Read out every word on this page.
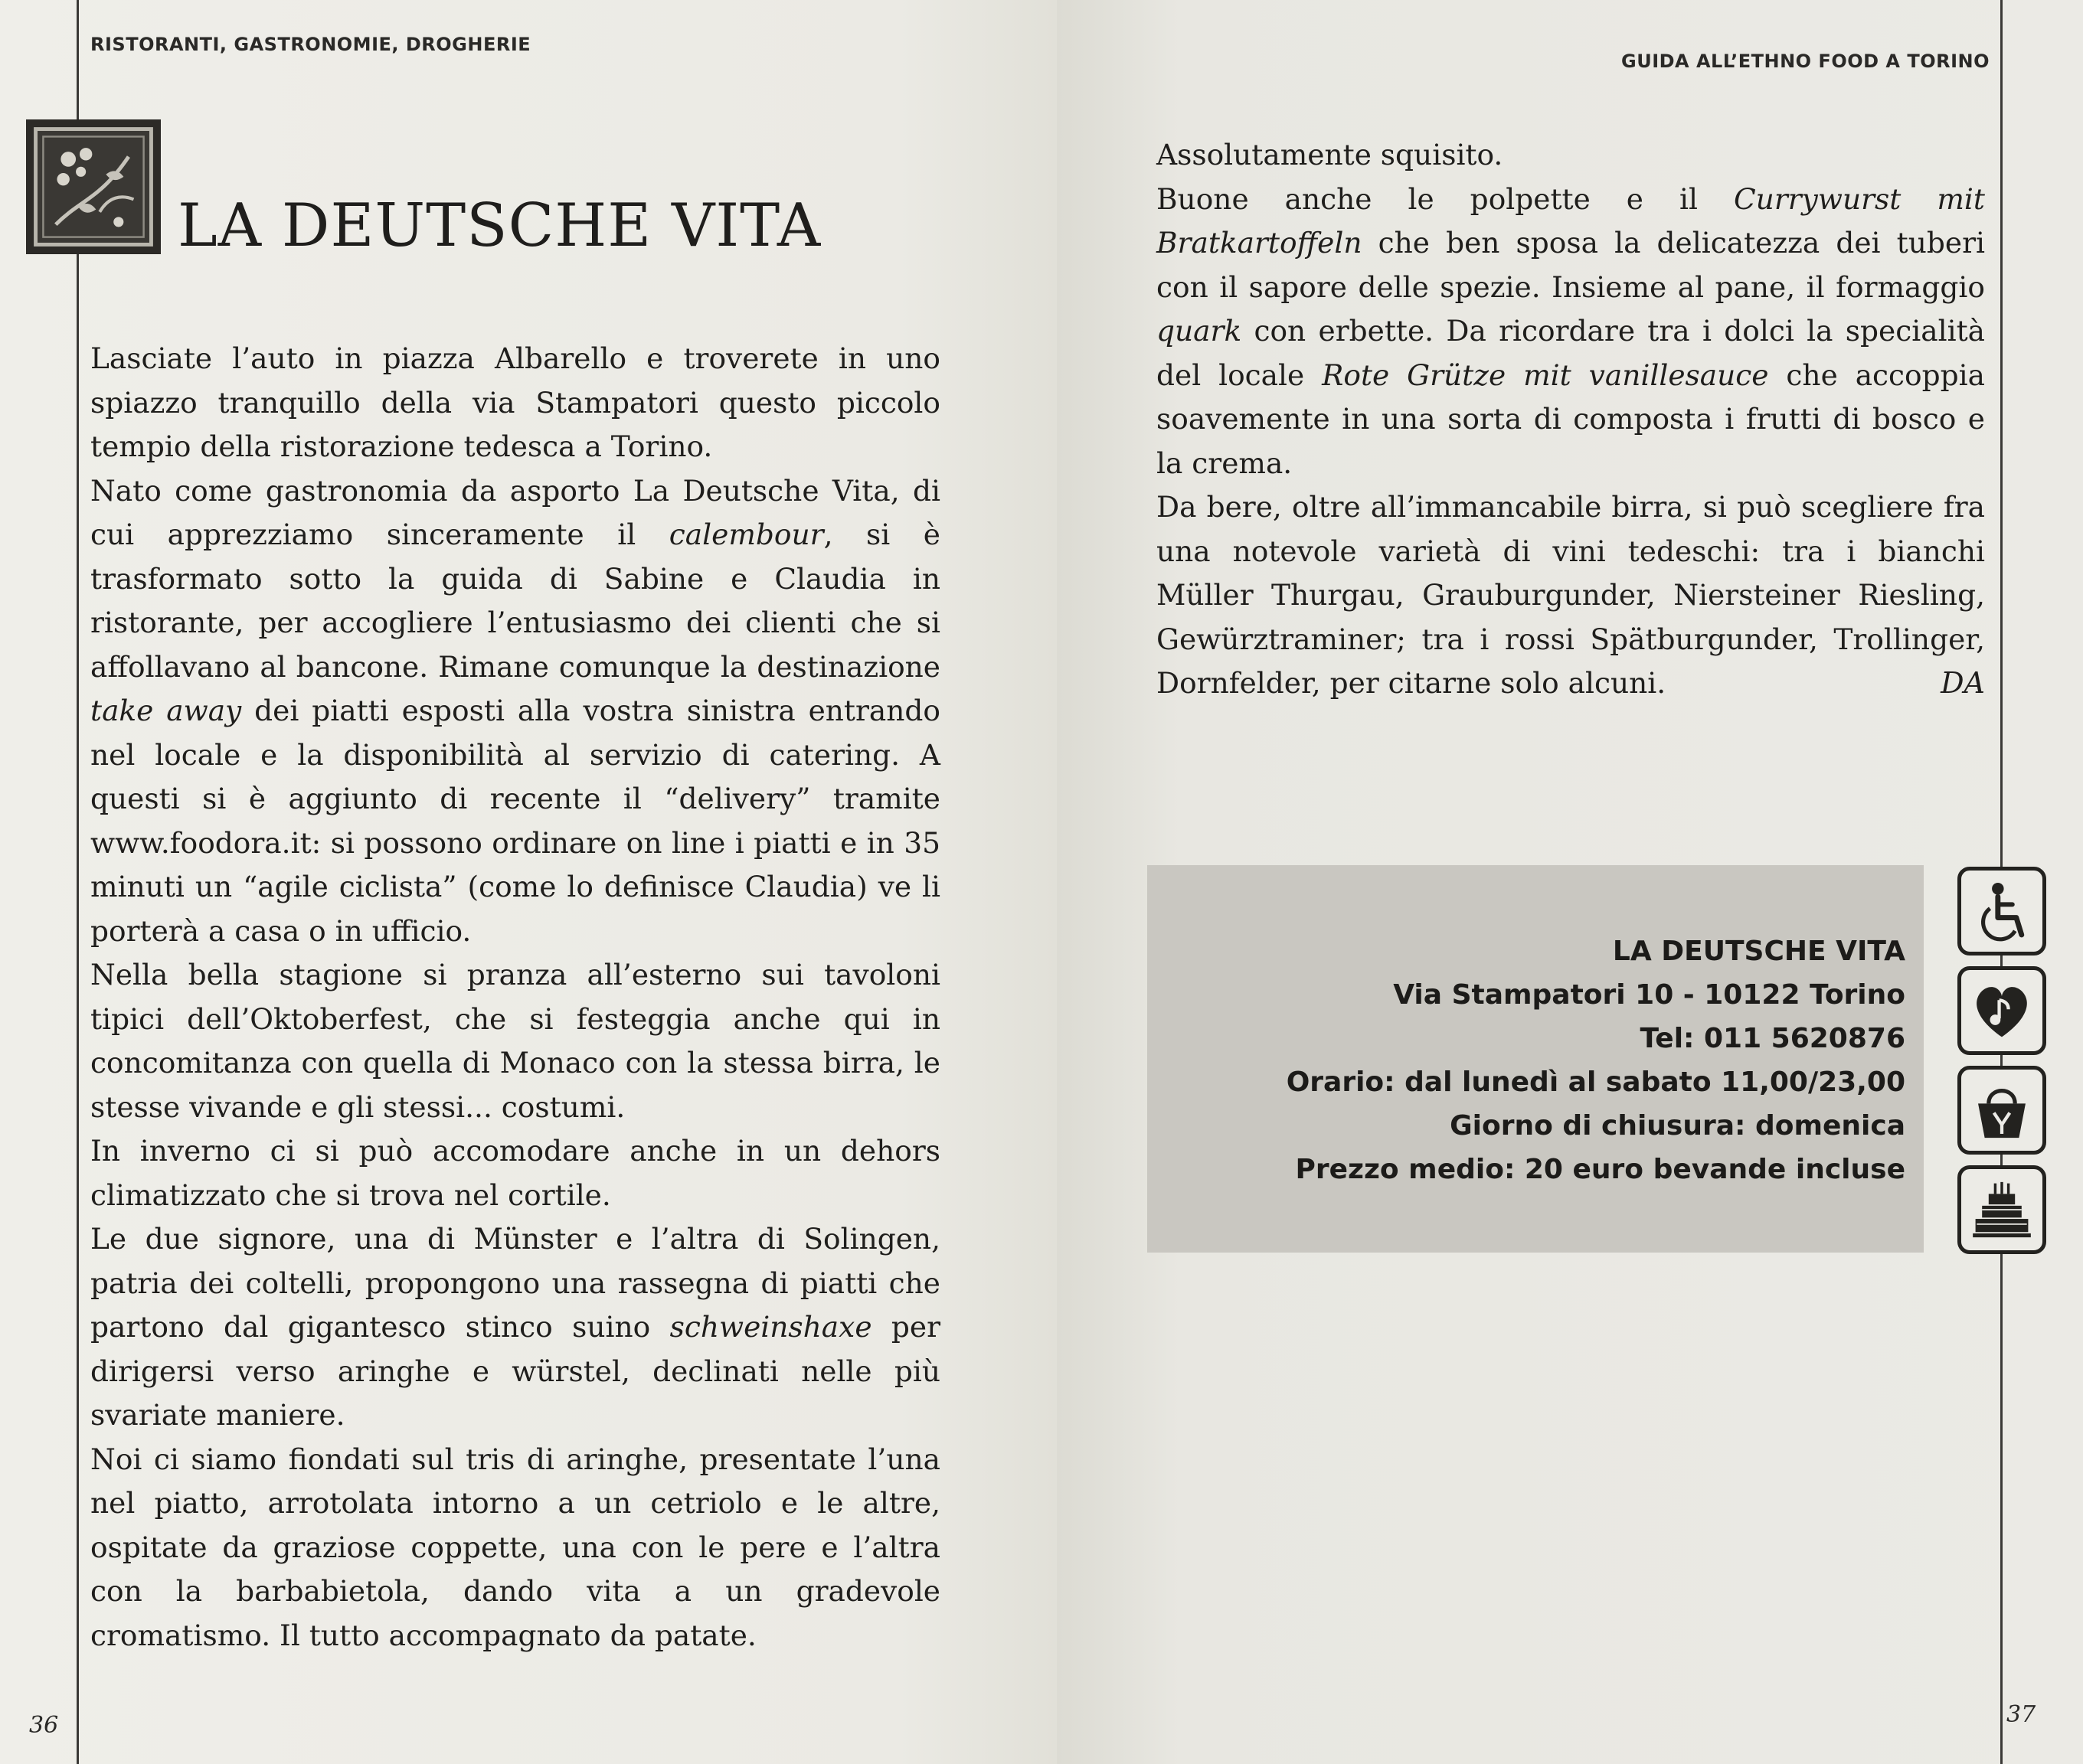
RISTORANTI, GASTRONOMIE, DROGHERIE
GUIDA ALL’ETHNO FOOD A TORINO
LA DEUTSCHE VITA

Lasciate l’auto in piazza Albarello e troverete in uno spiazzo tranquillo della via Stampatori questo piccolo tempio della ristorazione tedesca a Torino.

Nato come gastronomia da asporto La Deutsche Vita, di cui apprezziamo sinceramente il calembour, si è trasformato sotto la guida di Sabine e Claudia in ristorante, per accogliere l’entusiasmo dei clienti che si affollavano al bancone. Rimane comunque la destinazione take away dei piatti esposti alla vostra sinistra entrando nel locale e la disponibilità al servizio di catering. A questi si è aggiunto di recente il “delivery” tramite www.foodora.it: si possono ordinare on line i piatti e in 35 minuti un “agile ciclista” (come lo definisce Claudia) ve li porterà a casa o in ufficio.

Nella bella stagione si pranza all’esterno sui tavoloni tipici dell’Oktoberfest, che si festeggia anche qui in concomitanza con quella di Monaco con la stessa birra, le stesse vivande e gli stessi... costumi.

In inverno ci si può accomodare anche in un dehors climatizzato che si trova nel cortile.

Le due signore, una di Münster e l’altra di Solingen, patria dei coltelli, propongono una rassegna di piatti che partono dal gigantesco stinco suino schweinshaxe per dirigersi verso aringhe e würstel, declinati nelle più svariate maniere.

Noi ci siamo fiondati sul tris di aringhe, presentate l’una nel piatto, arrotolata intorno a un cetriolo e le altre, ospitate da graziose coppette, una con le pere e l’altra con la barbabietola, dando vita a un gradevole cromatismo. Il tutto accompagnato da patate.

Assolutamente squisito.

Buone anche le polpette e il Currywurst mit Bratkartoffeln che ben sposa la delicatezza dei tuberi con il sapore delle spezie. Insieme al pane, il formaggio quark con erbette. Da ricordare tra i dolci la specialità del locale Rote Grütze mit vanillesauce che accoppia soavemente in una sorta di composta i frutti di bosco e la crema.

Da bere, oltre all’immancabile birra, si può scegliere fra una notevole varietà di vini tedeschi: tra i bianchi Müller Thurgau, Grauburgunder, Niersteiner Riesling, Gewürztraminer; tra i rossi Spätburgunder, Trollinger, Dornfelder, per citarne solo alcuni.	DA
LA DEUTSCHE VITA
Via Stampatori 10 - 10122 Torino
Tel: 011 5620876
Orario: dal lunedì al sabato 11,00/23,00
Giorno di chiusura: domenica
Prezzo medio: 20 euro bevande incluse
36	37
